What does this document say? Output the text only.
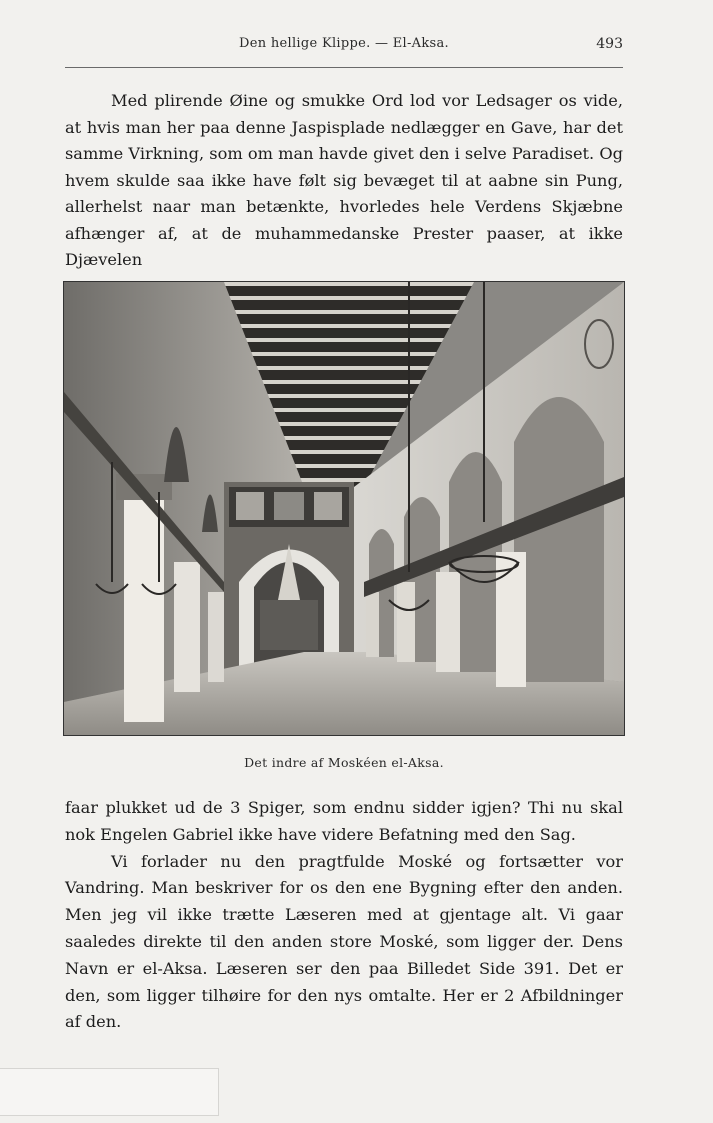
Den hellige Klippe. — El-Aksa.	493

Med plirende Øine og smukke Ord lod vor Ledsager os vide, at hvis man her paa denne Jaspisplade nedlægger en Gave, har det samme Virkning, som om man havde givet den i selve Paradiset. Og hvem skulde saa ikke have følt sig bevæget til at aabne sin Pung, allerhelst naar man betænkte, hvorledes hele Verdens Skjæbne afhænger af, at de muhammedanske Prester paaser, at ikke Djævelen

Det indre af Moskéen el-Aksa.

faar plukket ud de 3 Spiger, som endnu sidder igjen? Thi nu skal nok Engelen Gabriel ikke have videre Befatning med den Sag.

Vi forlader nu den pragtfulde Moské og fortsætter vor Vandring. Man beskriver for os den ene Bygning efter den anden. Men jeg vil ikke trætte Læseren med at gjentage alt. Vi gaar saaledes direkte til den anden store Moské, som ligger der. Dens Navn er el-Aksa. Læseren ser den paa Billedet Side 391. Det er den, som ligger tilhøire for den nys omtalte. Her er 2 Afbildninger af den.
